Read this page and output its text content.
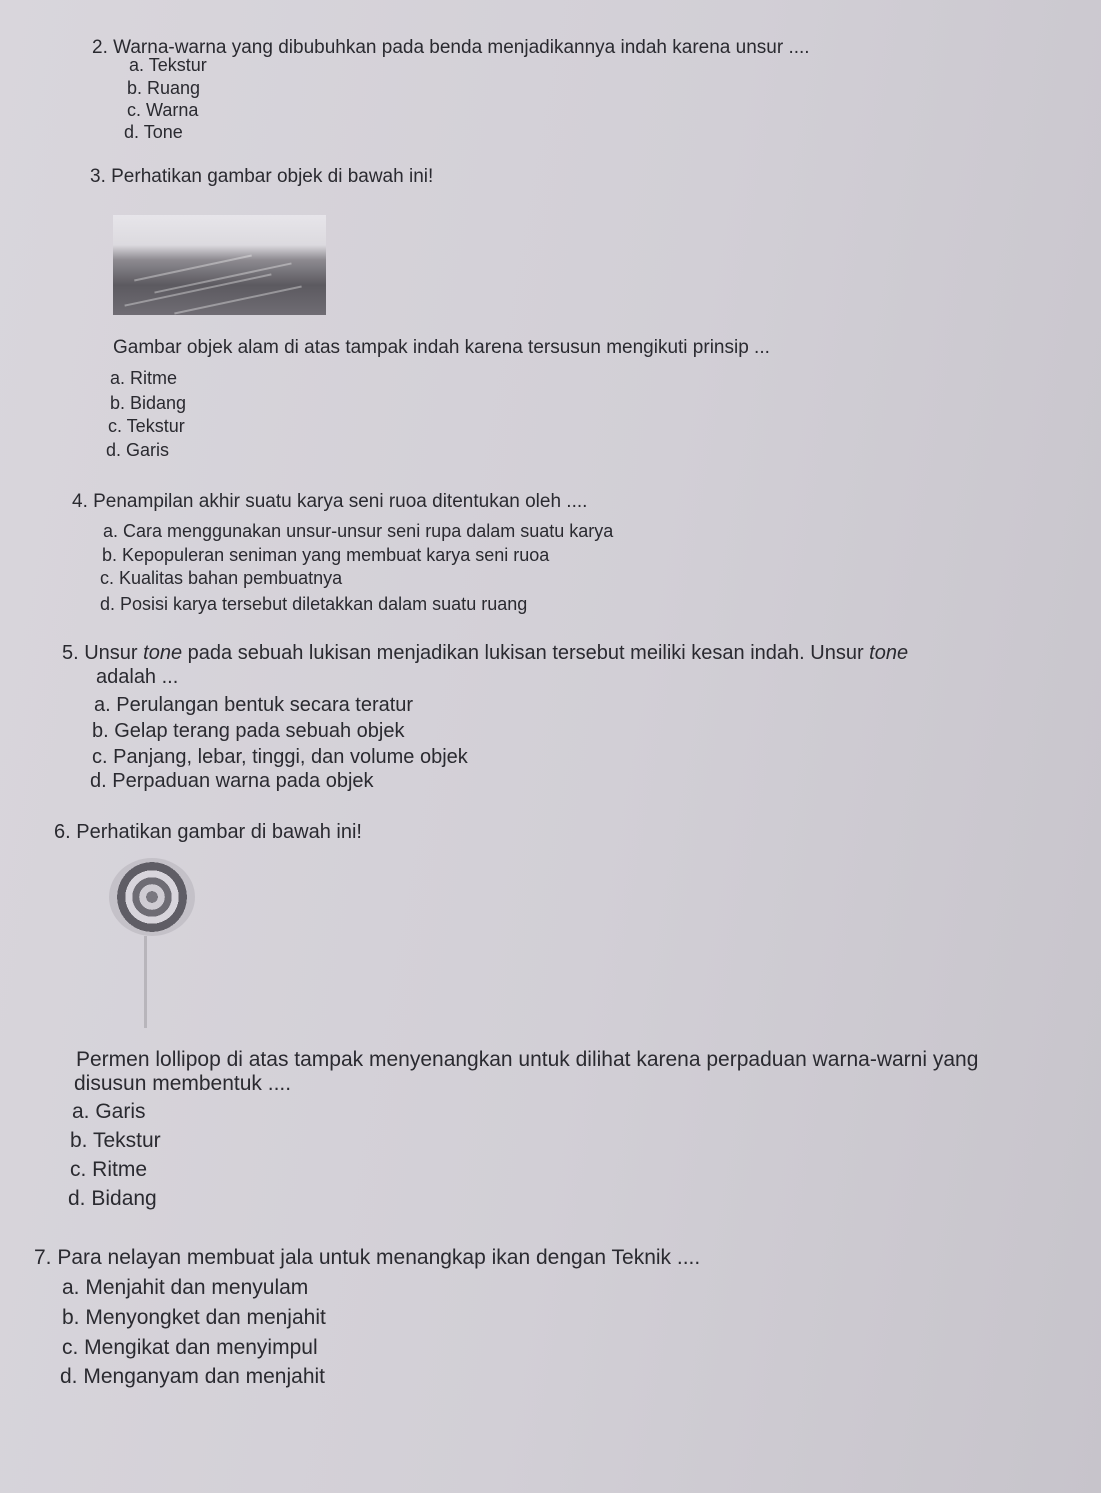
2. Warna-warna yang dibubuhkan pada benda menjadikannya indah karena unsur ....
a. Tekstur
b. Ruang
c. Warna
d. Tone
3. Perhatikan gambar objek di bawah ini!
Gambar objek alam di atas tampak indah karena tersusun mengikuti prinsip ...
a. Ritme
b. Bidang
c. Tekstur
d. Garis
4. Penampilan akhir suatu karya seni ruoa ditentukan oleh ....
a. Cara menggunakan unsur-unsur seni rupa dalam suatu karya
b. Kepopuleran seniman yang membuat karya seni ruoa
c. Kualitas bahan pembuatnya
d. Posisi karya tersebut diletakkan dalam suatu ruang
5. Unsur tone pada sebuah lukisan menjadikan lukisan tersebut meiliki kesan indah. Unsur tone
adalah ...
a. Perulangan bentuk secara teratur
b. Gelap terang pada sebuah objek
c. Panjang, lebar, tinggi, dan volume objek
d. Perpaduan warna pada objek
6. Perhatikan gambar di bawah ini!
Permen lollipop di atas tampak menyenangkan untuk dilihat karena perpaduan warna-warni yang
disusun membentuk ....
a. Garis
b. Tekstur
c. Ritme
d. Bidang
7. Para nelayan membuat jala untuk menangkap ikan dengan Teknik ....
a. Menjahit dan menyulam
b. Menyongket dan menjahit
c. Mengikat dan menyimpul
d. Menganyam dan menjahit
